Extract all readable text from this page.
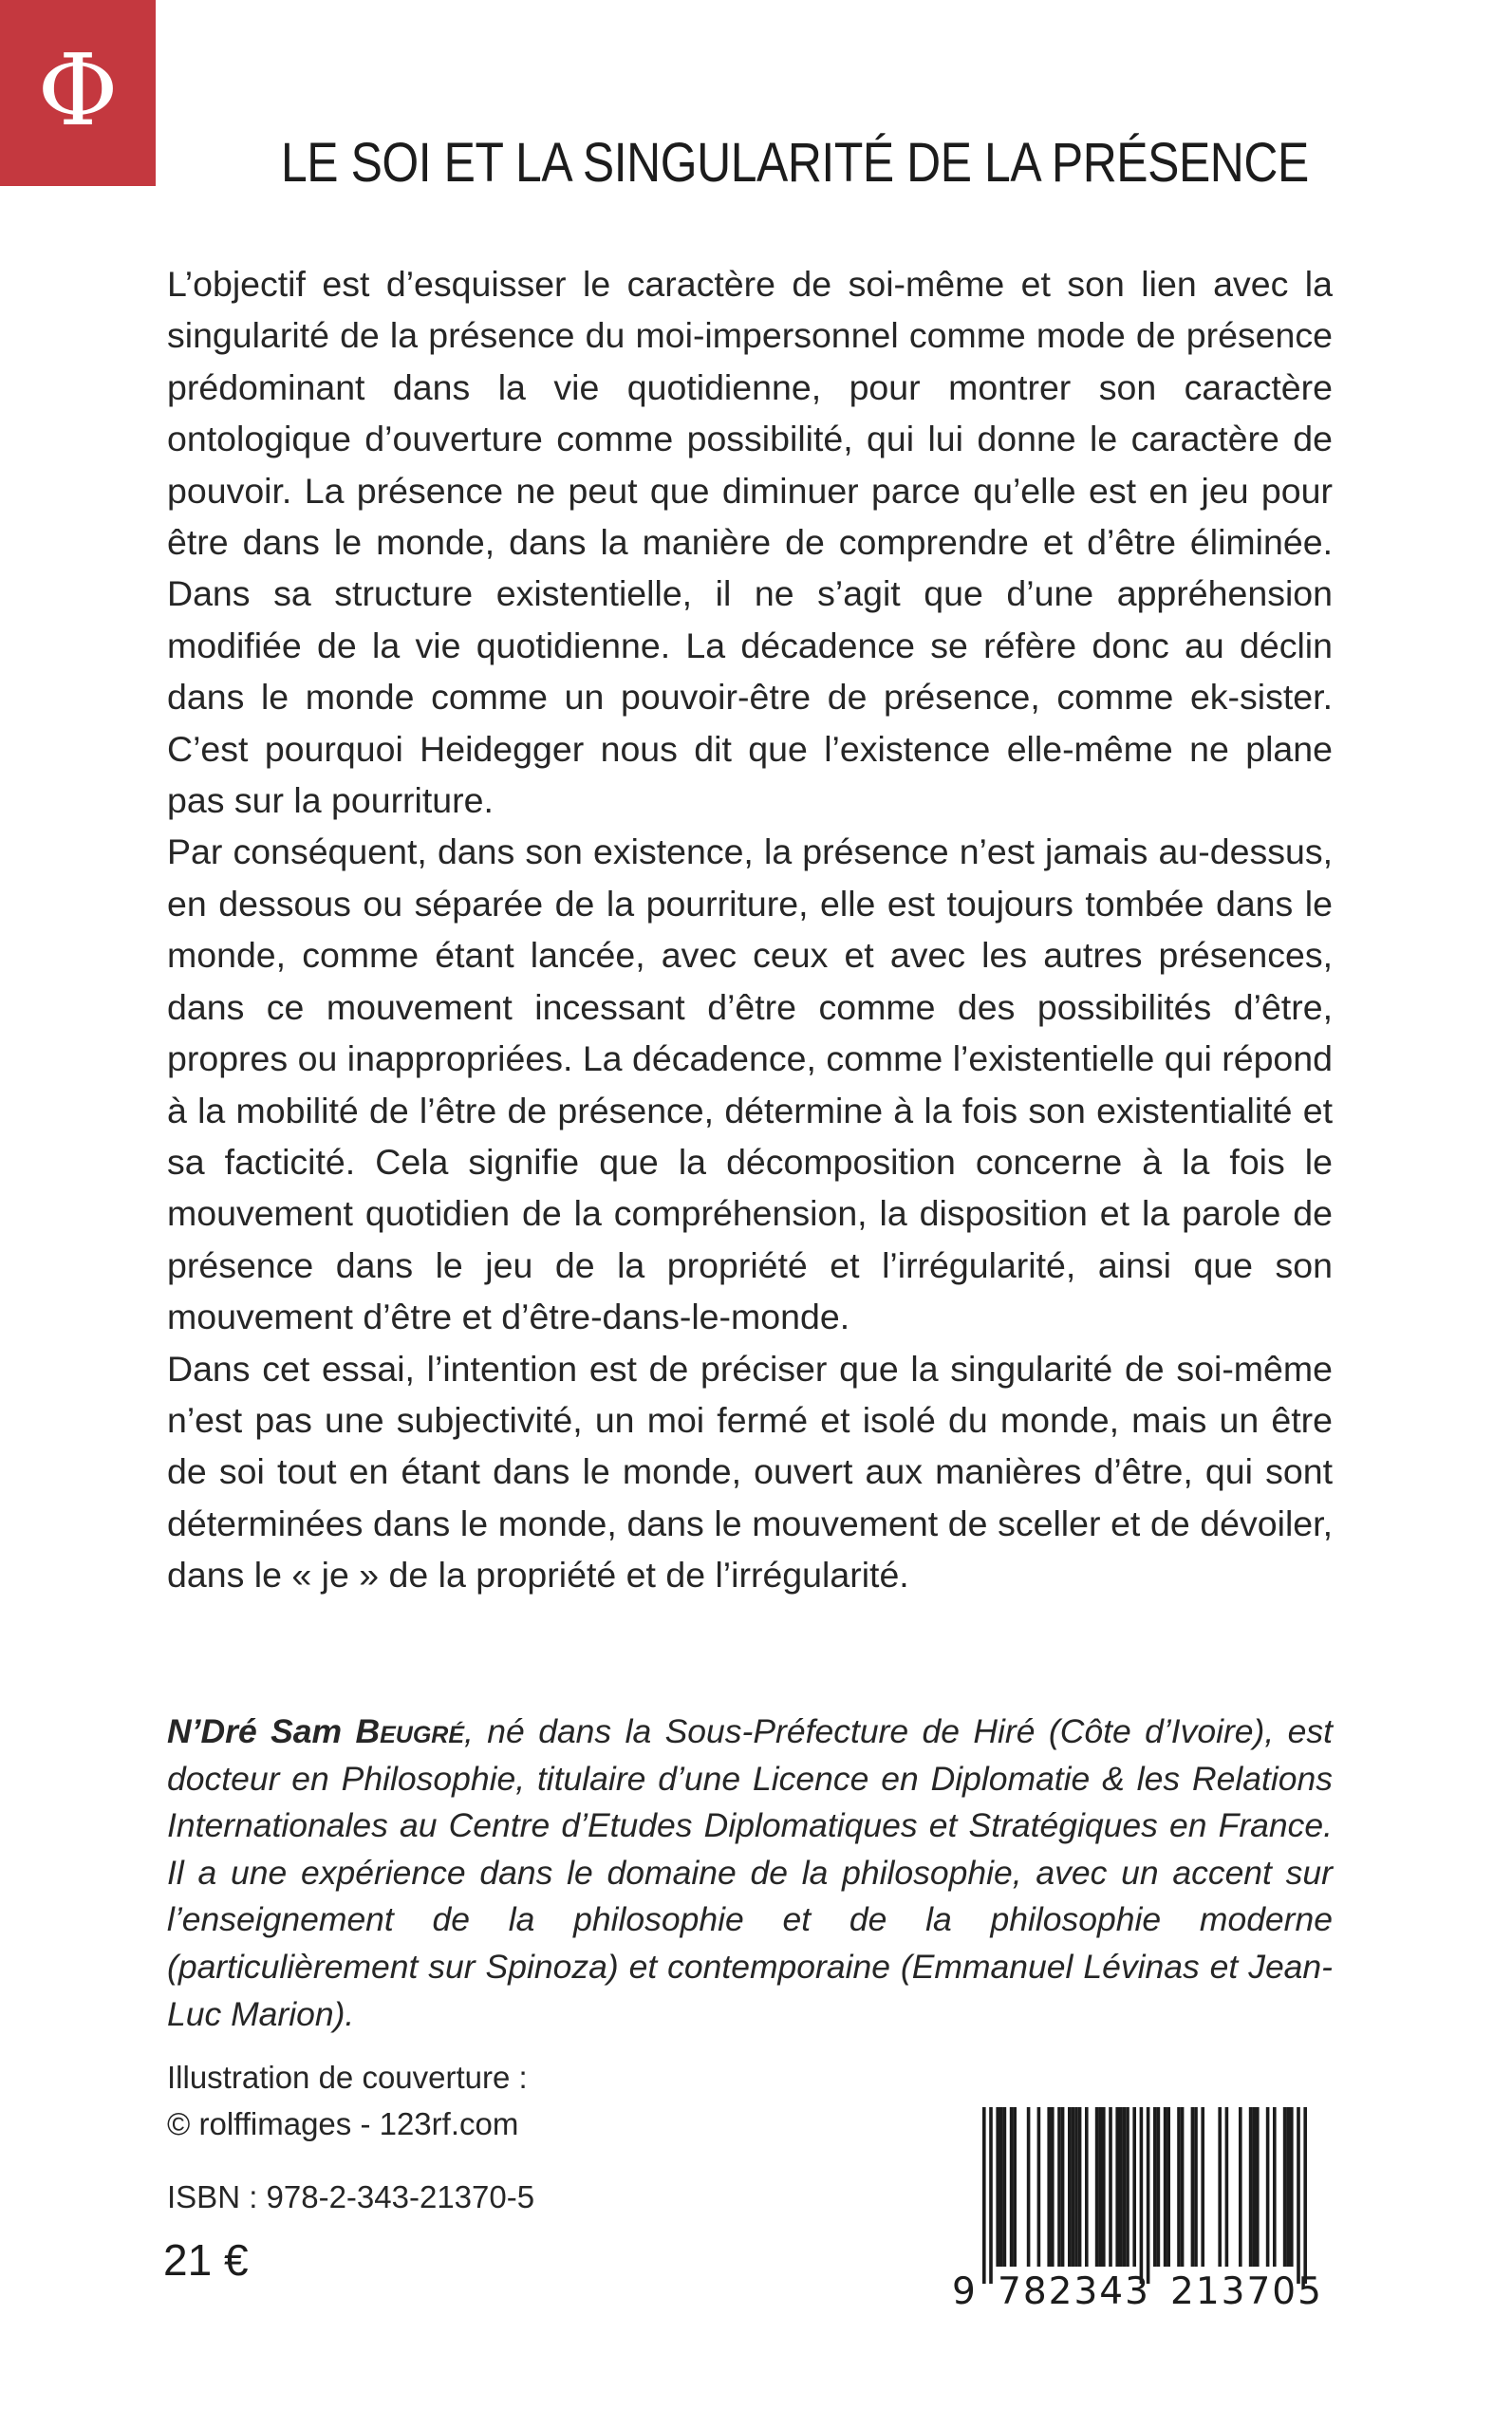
Φ
LE SOI ET LA SINGULARITÉ DE LA PRÉSENCE

L’objectif est d’esquisser le caractère de soi-même et son lien avec la singularité de la présence du moi-impersonnel comme mode de présence prédominant dans la vie quotidienne, pour montrer son caractère ontologique d’ouverture comme possibilité, qui lui donne le caractère de pouvoir. La présence ne peut que diminuer parce qu’elle est en jeu pour être dans le monde, dans la manière de comprendre et d’être éliminée. Dans sa structure existentielle, il ne s’agit que d’une appréhension modifiée de la vie quotidienne. La décadence se réfère donc au déclin dans le monde comme un pouvoir-être de présence, comme ek-sister. C’est pourquoi Heidegger nous dit que l’existence elle-même ne plane pas sur la pourriture.

Par conséquent, dans son existence, la présence n’est jamais au-dessus, en dessous ou séparée de la pourriture, elle est toujours tombée dans le monde, comme étant lancée, avec ceux et avec les autres présences, dans ce mouvement incessant d’être comme des possibilités d’être, propres ou inappropriées. La décadence, comme l’existentielle qui répond à la mobilité de l’être de présence, détermine à la fois son existentialité et sa facticité. Cela signifie que la décomposition concerne à la fois le mouvement quotidien de la compréhension, la disposition et la parole de présence dans le jeu de la propriété et l’irrégularité, ainsi que son mouvement d’être et d’être-dans-le-monde.

Dans cet essai, l’intention est de préciser que la singularité de soi-même n’est pas une subjectivité, un moi fermé et isolé du monde, mais un être de soi tout en étant dans le monde, ouvert aux manières d’être, qui sont déterminées dans le monde, dans le mouvement de sceller et de dévoiler, dans le « je » de la propriété et de l’irrégularité.

N’Dré Sam Beugré, né dans la Sous-Préfecture de Hiré (Côte d’Ivoire), est docteur en Philosophie, titulaire d’une Licence en Diplomatie & les Relations Internationales au Centre d’Etudes Diplomatiques et Stratégiques en France. Il a une expérience dans le domaine de la philosophie, avec un accent sur l’enseignement de la philosophie et de la philosophie moderne (particulièrement sur Spinoza) et contemporaine (Emmanuel Lévinas et Jean-Luc Marion).

Illustration de couverture :
© rolffimages - 123rf.com
ISBN : 978-2-343-21370-5
21 €
9 782343 213705
